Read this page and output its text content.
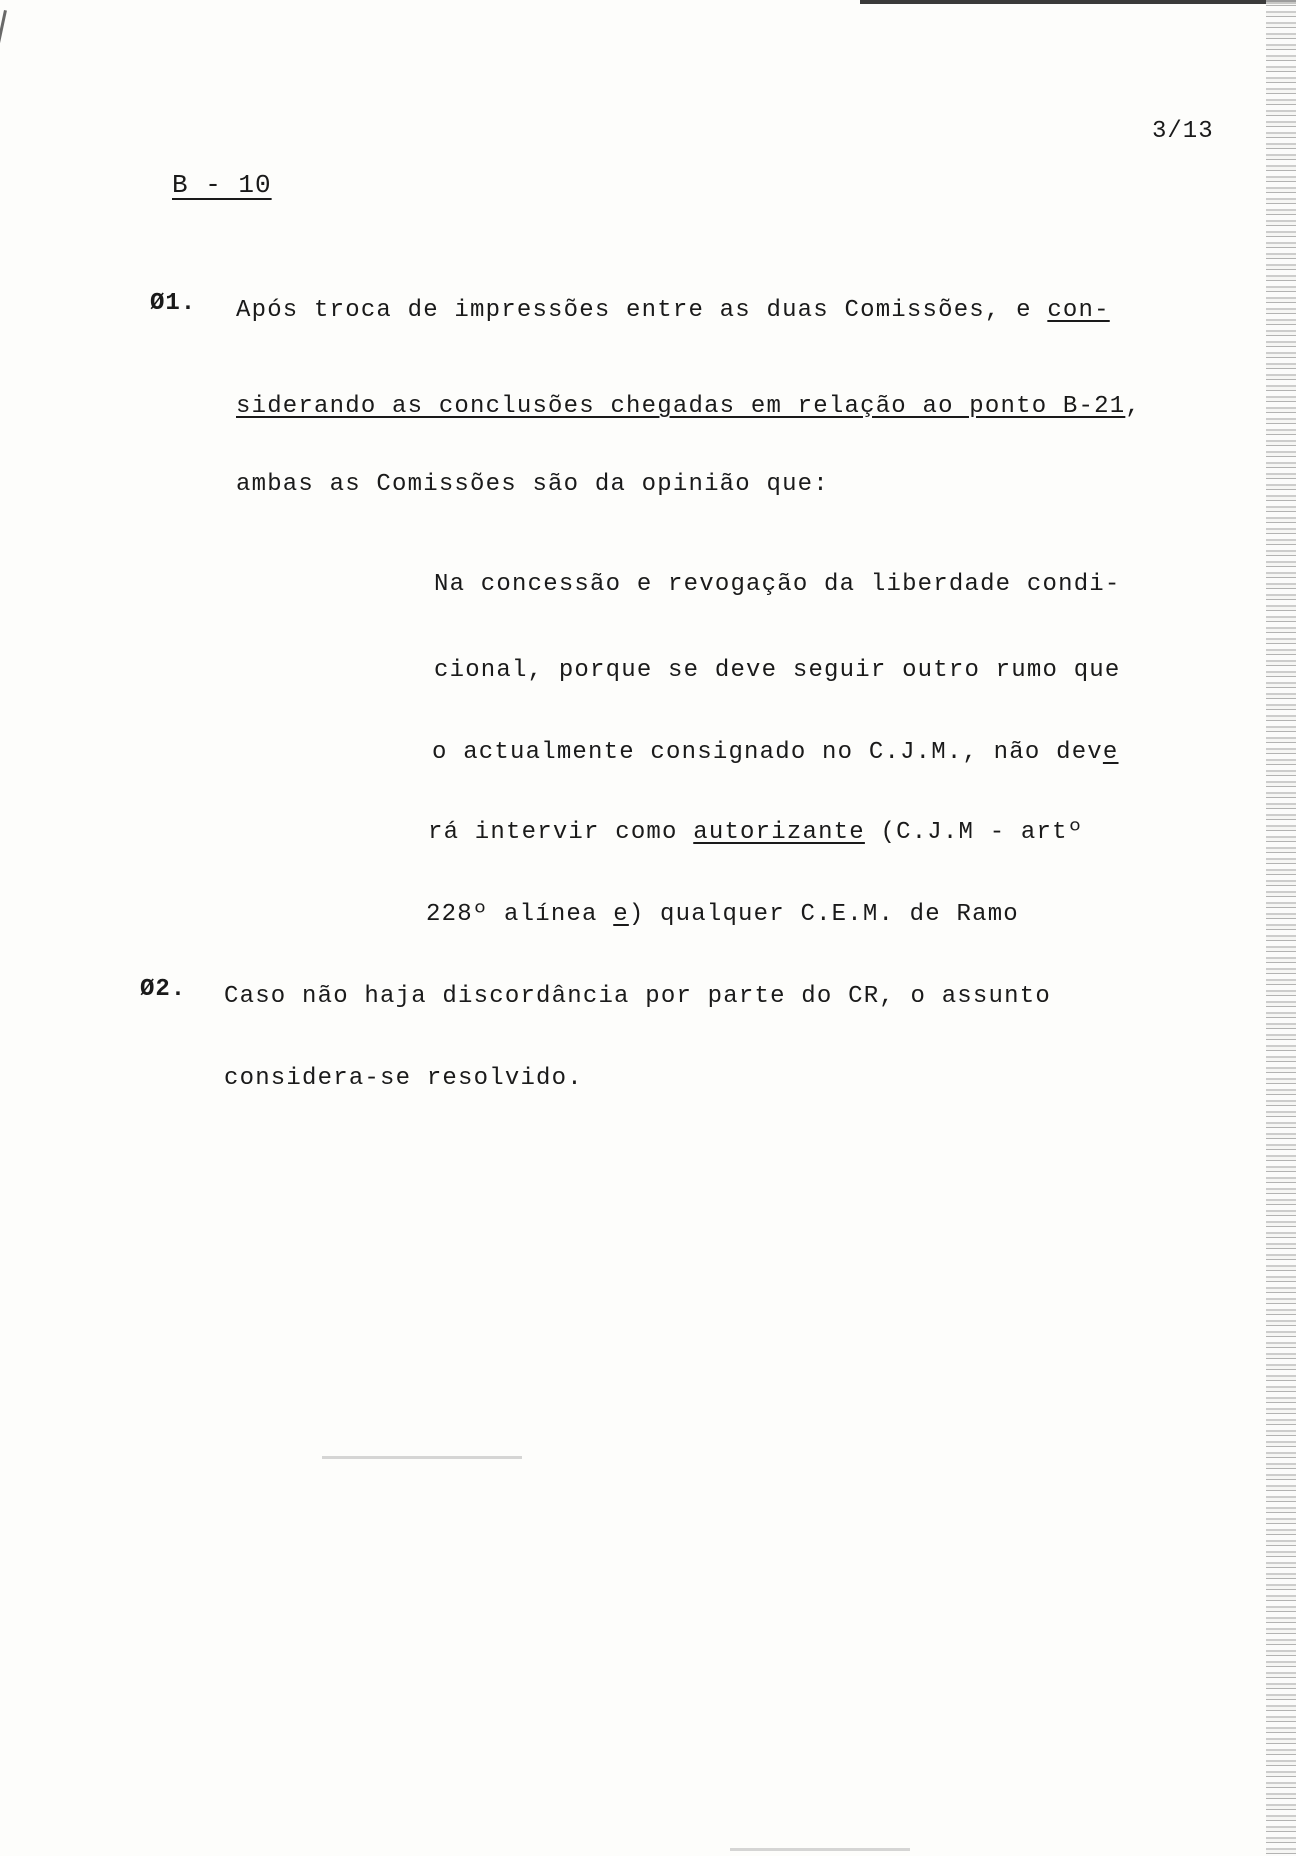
3/13
B - 10
Ø1. Após troca de impressões entre as duas Comissões, e con-
siderando as conclusões chegadas em relação ao ponto B-21,
ambas as Comissões são da opinião que:
Na concessão e revogação da liberdade condi-
cional, porque se deve seguir outro rumo que
o actualmente consignado no C.J.M., não deve
rá intervir como autorizante (C.J.M - artº
228º alínea e) qualquer C.E.M. de Ramo
Ø2. Caso não haja discordância por parte do CR, o assunto
considera-se resolvido.
